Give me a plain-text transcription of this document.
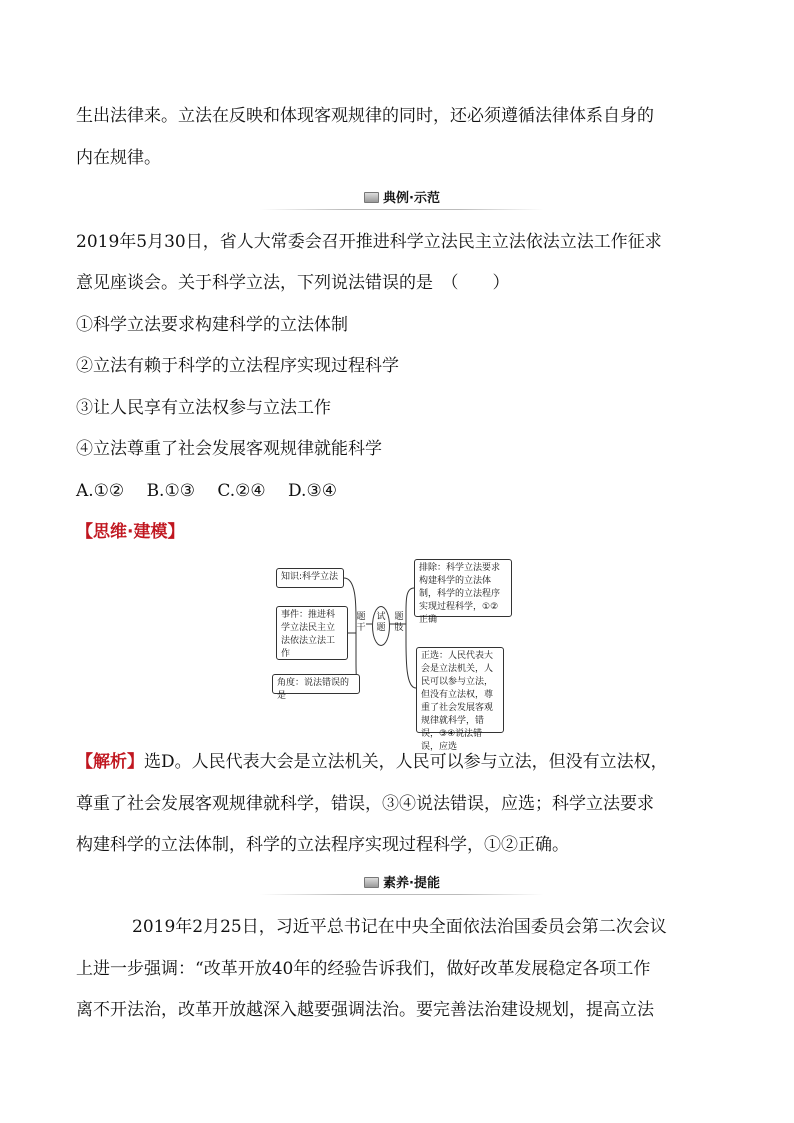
生出法律来。立法在反映和体现客观规律的同时，还必须遵循法律体系自身的
内在规律。
典例·示范
2019年5月30日，省人大常委会召开推进科学立法民主立法依法立法工作征求
意见座谈会。关于科学立法，下列说法错误的是　（　　）
①科学立法要求构建科学的立法体制
②立法有赖于科学的立法程序实现过程科学
③让人民享有立法权参与立法工作
④立法尊重了社会发展客观规律就能科学
A.①②　 B.①③　 C.②④　 D.③④
【思维·建模】
知识:科学立法
事件：推进科学立法民主立法依法立法工作
角度：说法错误的是
题干
试题
题肢
排除：科学立法要求构建科学的立法体制，科学的立法程序实现过程科学，①②正确
正选：人民代表大会是立法机关，人民可以参与立法，但没有立法权，尊重了社会发展客观规律就科学，错误，③④说法错误，应选
【解析】选D。人民代表大会是立法机关，人民可以参与立法，但没有立法权，
尊重了社会发展客观规律就科学，错误，③④说法错误，应选；科学立法要求
构建科学的立法体制，科学的立法程序实现过程科学，①②正确。
素养·提能
2019年2月25日，习近平总书记在中央全面依法治国委员会第二次会议
上进一步强调：“改革开放40年的经验告诉我们，做好改革发展稳定各项工作
离不开法治，改革开放越深入越要强调法治。要完善法治建设规划，提高立法
